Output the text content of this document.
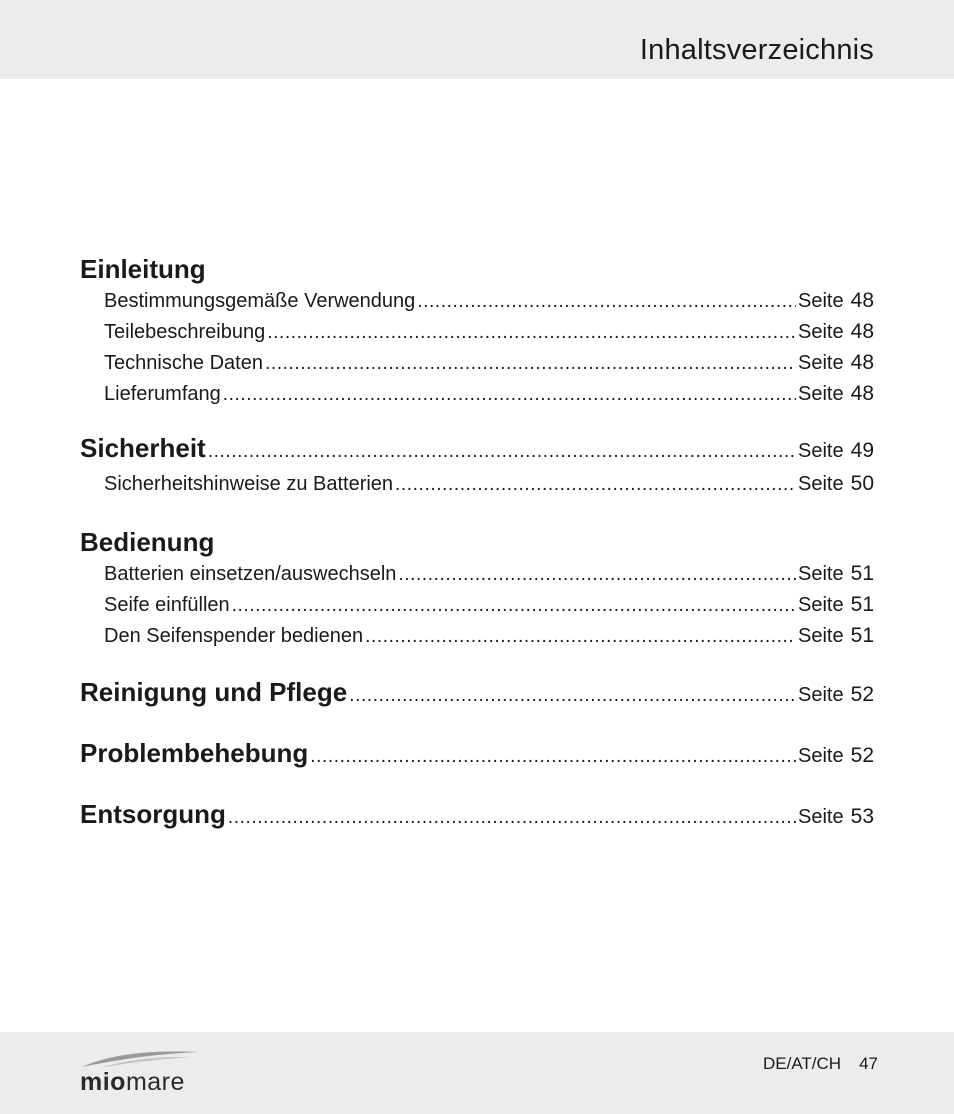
Inhaltsverzeichnis
Einleitung
Bestimmungsgemäße Verwendung .....	Seite 48
Teilebeschreibung .....	Seite 48
Technische Daten .....	Seite 48
Lieferumfang .....	Seite 48
Sicherheit .....	Seite 49
Sicherheitshinweise zu Batterien .....	Seite 50
Bedienung
Batterien einsetzen/auswechseln .....	Seite 51
Seife einfüllen .....	Seite 51
Den Seifenspender bedienen .....	Seite 51
Reinigung und Pflege .....	Seite 52
Problembehebung .....	Seite 52
Entsorgung .....	Seite 53
miomare
DE/AT/CH 47
